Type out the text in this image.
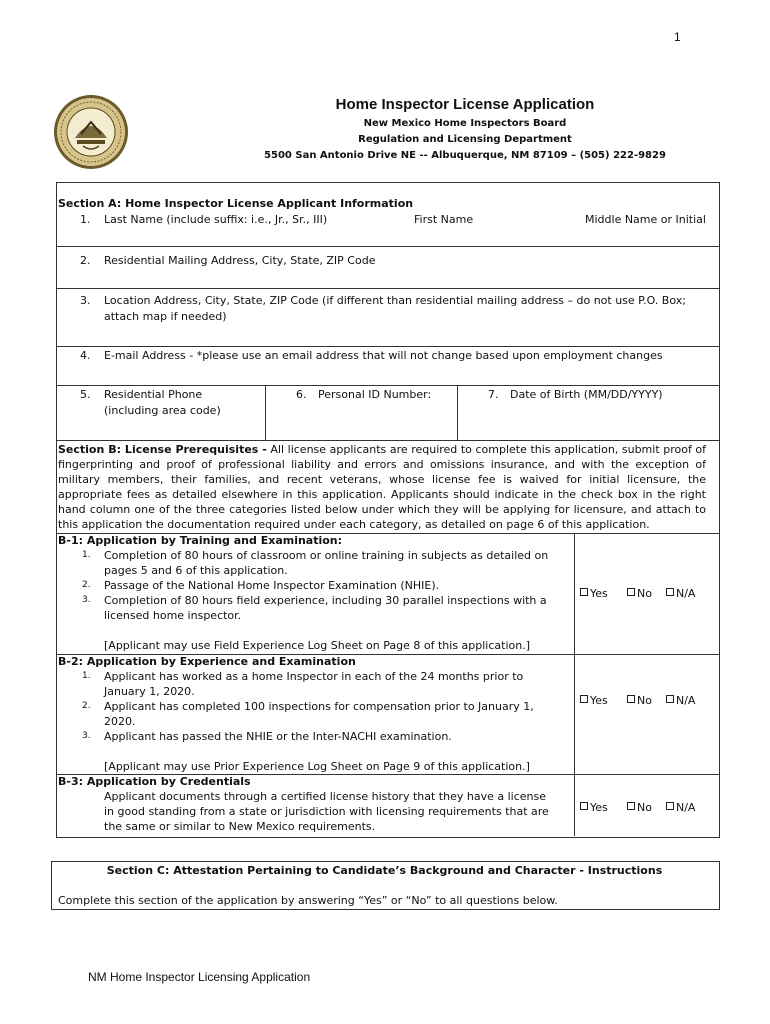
1
Home Inspector License Application
New Mexico Home Inspectors Board
Regulation and Licensing Department
5500 San Antonio Drive NE -- Albuquerque, NM 87109 – (505) 222-9829
Section A: Home Inspector License Applicant Information
1. Last Name (include suffix: i.e., Jr., Sr., III)	First Name	Middle Name or Initial
2. Residential Mailing Address, City, State, ZIP Code
3. Location Address, City, State, ZIP Code (if different than residential mailing address – do not use P.O. Box;
attach map if needed)
4. E-mail Address - *please use an email address that will not change based upon employment changes
5. Residential Phone
(including area code)
6. Personal ID Number:	7. Date of Birth (MM/DD/YYYY)
Section B: License Prerequisites - All license applicants are required to complete this application, submit proof of fingerprinting and proof of professional liability and errors and omissions insurance, and with the exception of military members, their families, and recent veterans, whose license fee is waived for initial licensure, the appropriate fees as detailed elsewhere in this application. Applicants should indicate in the check box in the right hand column one of the three categories listed below under which they will be applying for licensure, and attach to this application the documentation required under each category, as detailed on page 6 of this application.
B-1: Application by Training and Examination:
1. Completion of 80 hours of classroom or online training in subjects as detailed on
pages 5 and 6 of this application.
2. Passage of the National Home Inspector Examination (NHIE).
3. Completion of 80 hours field experience, including 30 parallel inspections with a
licensed home inspector.
[Applicant may use Field Experience Log Sheet on Page 8 of this application.]
Yes	No	N/A
B-2: Application by Experience and Examination
1. Applicant has worked as a home Inspector in each of the 24 months prior to
January 1, 2020.
2. Applicant has completed 100 inspections for compensation prior to January 1,
2020.
3. Applicant has passed the NHIE or the Inter-NACHI examination.
[Applicant may use Prior Experience Log Sheet on Page 9 of this application.]
Yes	No	N/A
B-3: Application by Credentials
Applicant documents through a certified license history that they have a license
in good standing from a state or jurisdiction with licensing requirements that are
the same or similar to New Mexico requirements.
Yes	No	N/A
Section C: Attestation Pertaining to Candidate’s Background and Character - Instructions
Complete this section of the application by answering “Yes” or “No” to all questions below.
NM Home Inspector Licensing Application
